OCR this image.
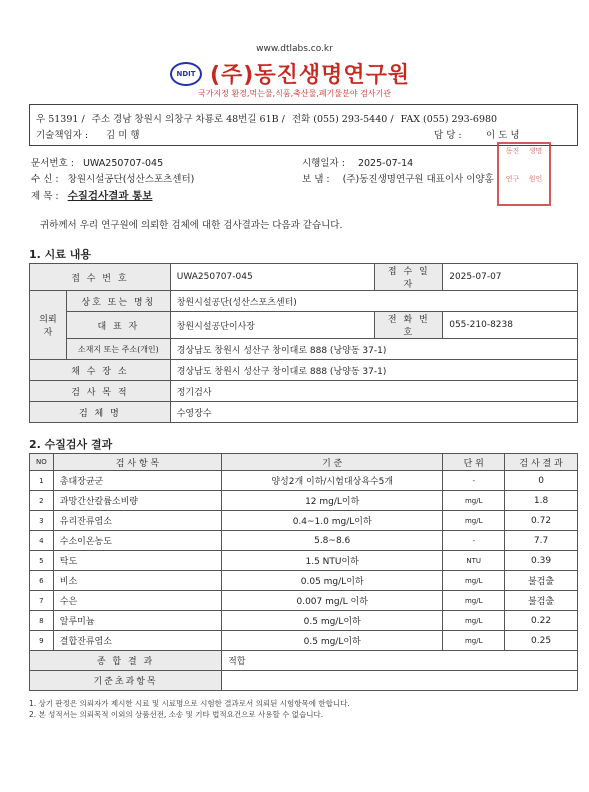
www.dtlabs.co.kr
NDIT (주)동진생명연구원
국가지정 환경,먹는물,식품,축산물,폐기물분야 검사기관
우 51391 / 주소 경남 창원시 의창구 차룡로 48번길 61B / 전화 (055) 293-5440 / FAX (055) 293-6980
기술책임자 : 김 미 행	담 당 :	이 도 녕
문서번호 : UWA250707-045	시행일자 : 2025-07-14
수 신 : 창원시설공단(성산스포츠센터)	보 냄 : (주)동진생명연구원 대표이사 이양홍
제 목 : 수질검사결과 통보
동진	생명
연구	원인
귀하께서 우리 연구원에 의뢰한 검체에 대한 검사결과는 다음과 같습니다.
1. 시료 내용
접 수 번 호		UWA250707-045	접 수 일 자	2025-07-07
의뢰자	상호 또는 명칭	창원시설공단(성산스포츠센터)		
	대 표 자	창원시설공단이사장	전 화 번 호	055-210-8238
	소재지 또는 주소(개인)	경상남도 창원시 성산구 창이대로 888 (낭양동 37-1)		
채 수 장 소		경상남도 창원시 성산구 창이대로 888 (낭양동 37-1)		
검 사 목 적		정기검사		
검 체 명		수영장수		
2. 수질검사 결과
NO	검 사 항 목	기 준	단 위	검 사 결 과
1	총대장균군	양성2개 이하/시험대상욕수5개	-	0
2	과망간산칼륨소비량	12 mg/L이하	mg/L	1.8
3	유리잔류염소	0.4~1.0 mg/L이하	mg/L	0.72
4	수소이온농도	5.8~8.6	-	7.7
5	탁도	1.5 NTU이하	NTU	0.39
6	비소	0.05 mg/L이하	mg/L	불검출
7	수은	0.007 mg/L 이하	mg/L	불검출
8	알루미늄	0.5 mg/L이하	mg/L	0.22
9	결합잔류염소	0.5 mg/L이하	mg/L	0.25
종 합 결 과		적합		
기준초과항목				
1. 상기 판정은 의뢰자가 제시한 시료 및 시료명으로 시험한 결과로서 의뢰된 시험항목에 한합니다.
2. 본 성적서는 의뢰목적 이외의 상품선전, 소송 및 기타 법적요건으로 사용할 수 없습니다.
